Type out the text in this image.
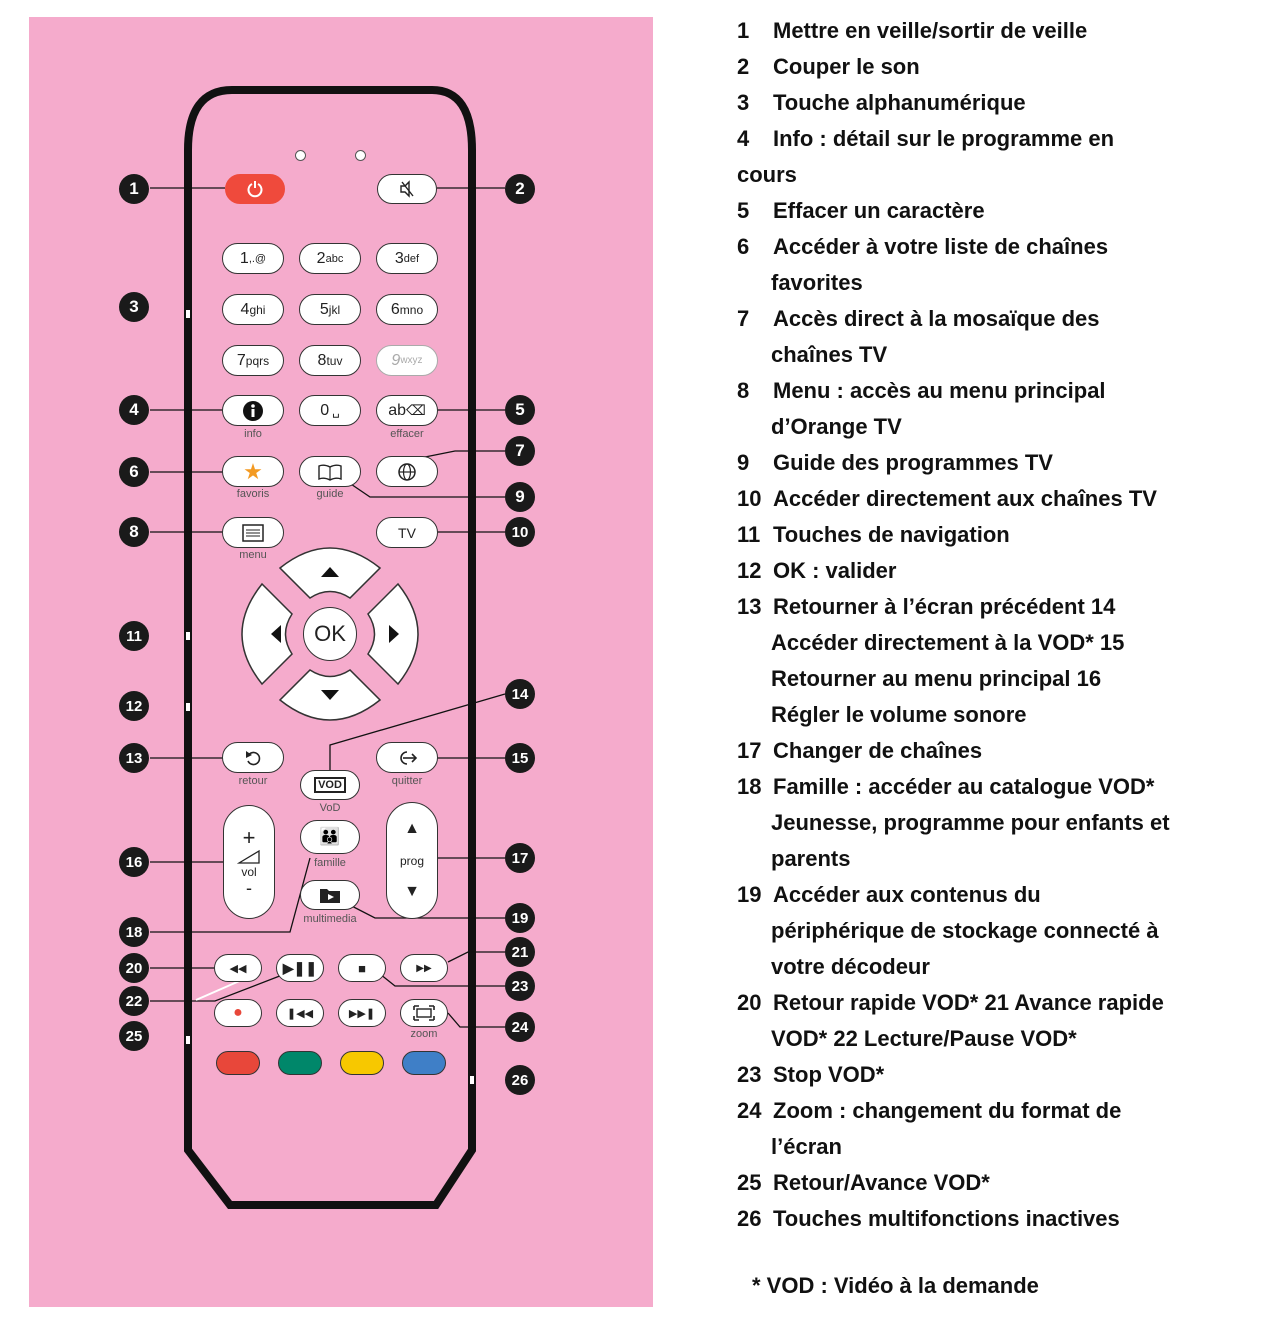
1 ,.@	2 abc	3 def
4 ghi	5 jkl	6 mno
7 pqrs	8 tuv	9 wxyz
info
0 ␣	ab ⌫
effacer
★
favoris	guide
menu
TV
OK
retour	VOD
VoD
quitter
+
vol
-
👪
famille
multimedia
▲
prog
▼
◀◀	▶❚❚	■	▶▶
●	❚◀◀	▶▶❚
zoom
1	2
3
4	5
6
7
8
9
10
11
12
13
14
15
16	17
18
19
20
21
22
23
24
25
26
1 Mettre en veille/sortir de veille
2 Couper le son
3 Touche alphanumérique
4 Info : détail sur le programme en
cours
5 Effacer un caractère
6 Accéder à votre liste de chaînes
favorites
7 Accès direct à la mosaïque des
chaînes TV
8 Menu : accès au menu principal
d’Orange TV
9 Guide des programmes TV
10 Accéder directement aux chaînes TV
11 Touches de navigation
12 OK : valider
13 Retourner à l’écran précédent 14
Accéder directement à la VOD* 15
Retourner au menu principal 16
Régler le volume sonore
17 Changer de chaînes
18 Famille : accéder au catalogue VOD*
Jeunesse, programme pour enfants et
parents
19 Accéder aux contenus du
périphérique de stockage connecté à
votre décodeur
20 Retour rapide VOD* 21 Avance rapide
VOD* 22 Lecture/Pause VOD*
23 Stop VOD*
24 Zoom : changement du format de
l’écran
25 Retour/Avance VOD*
26 Touches multifonctions inactives
* VOD : Vidéo à la demande
